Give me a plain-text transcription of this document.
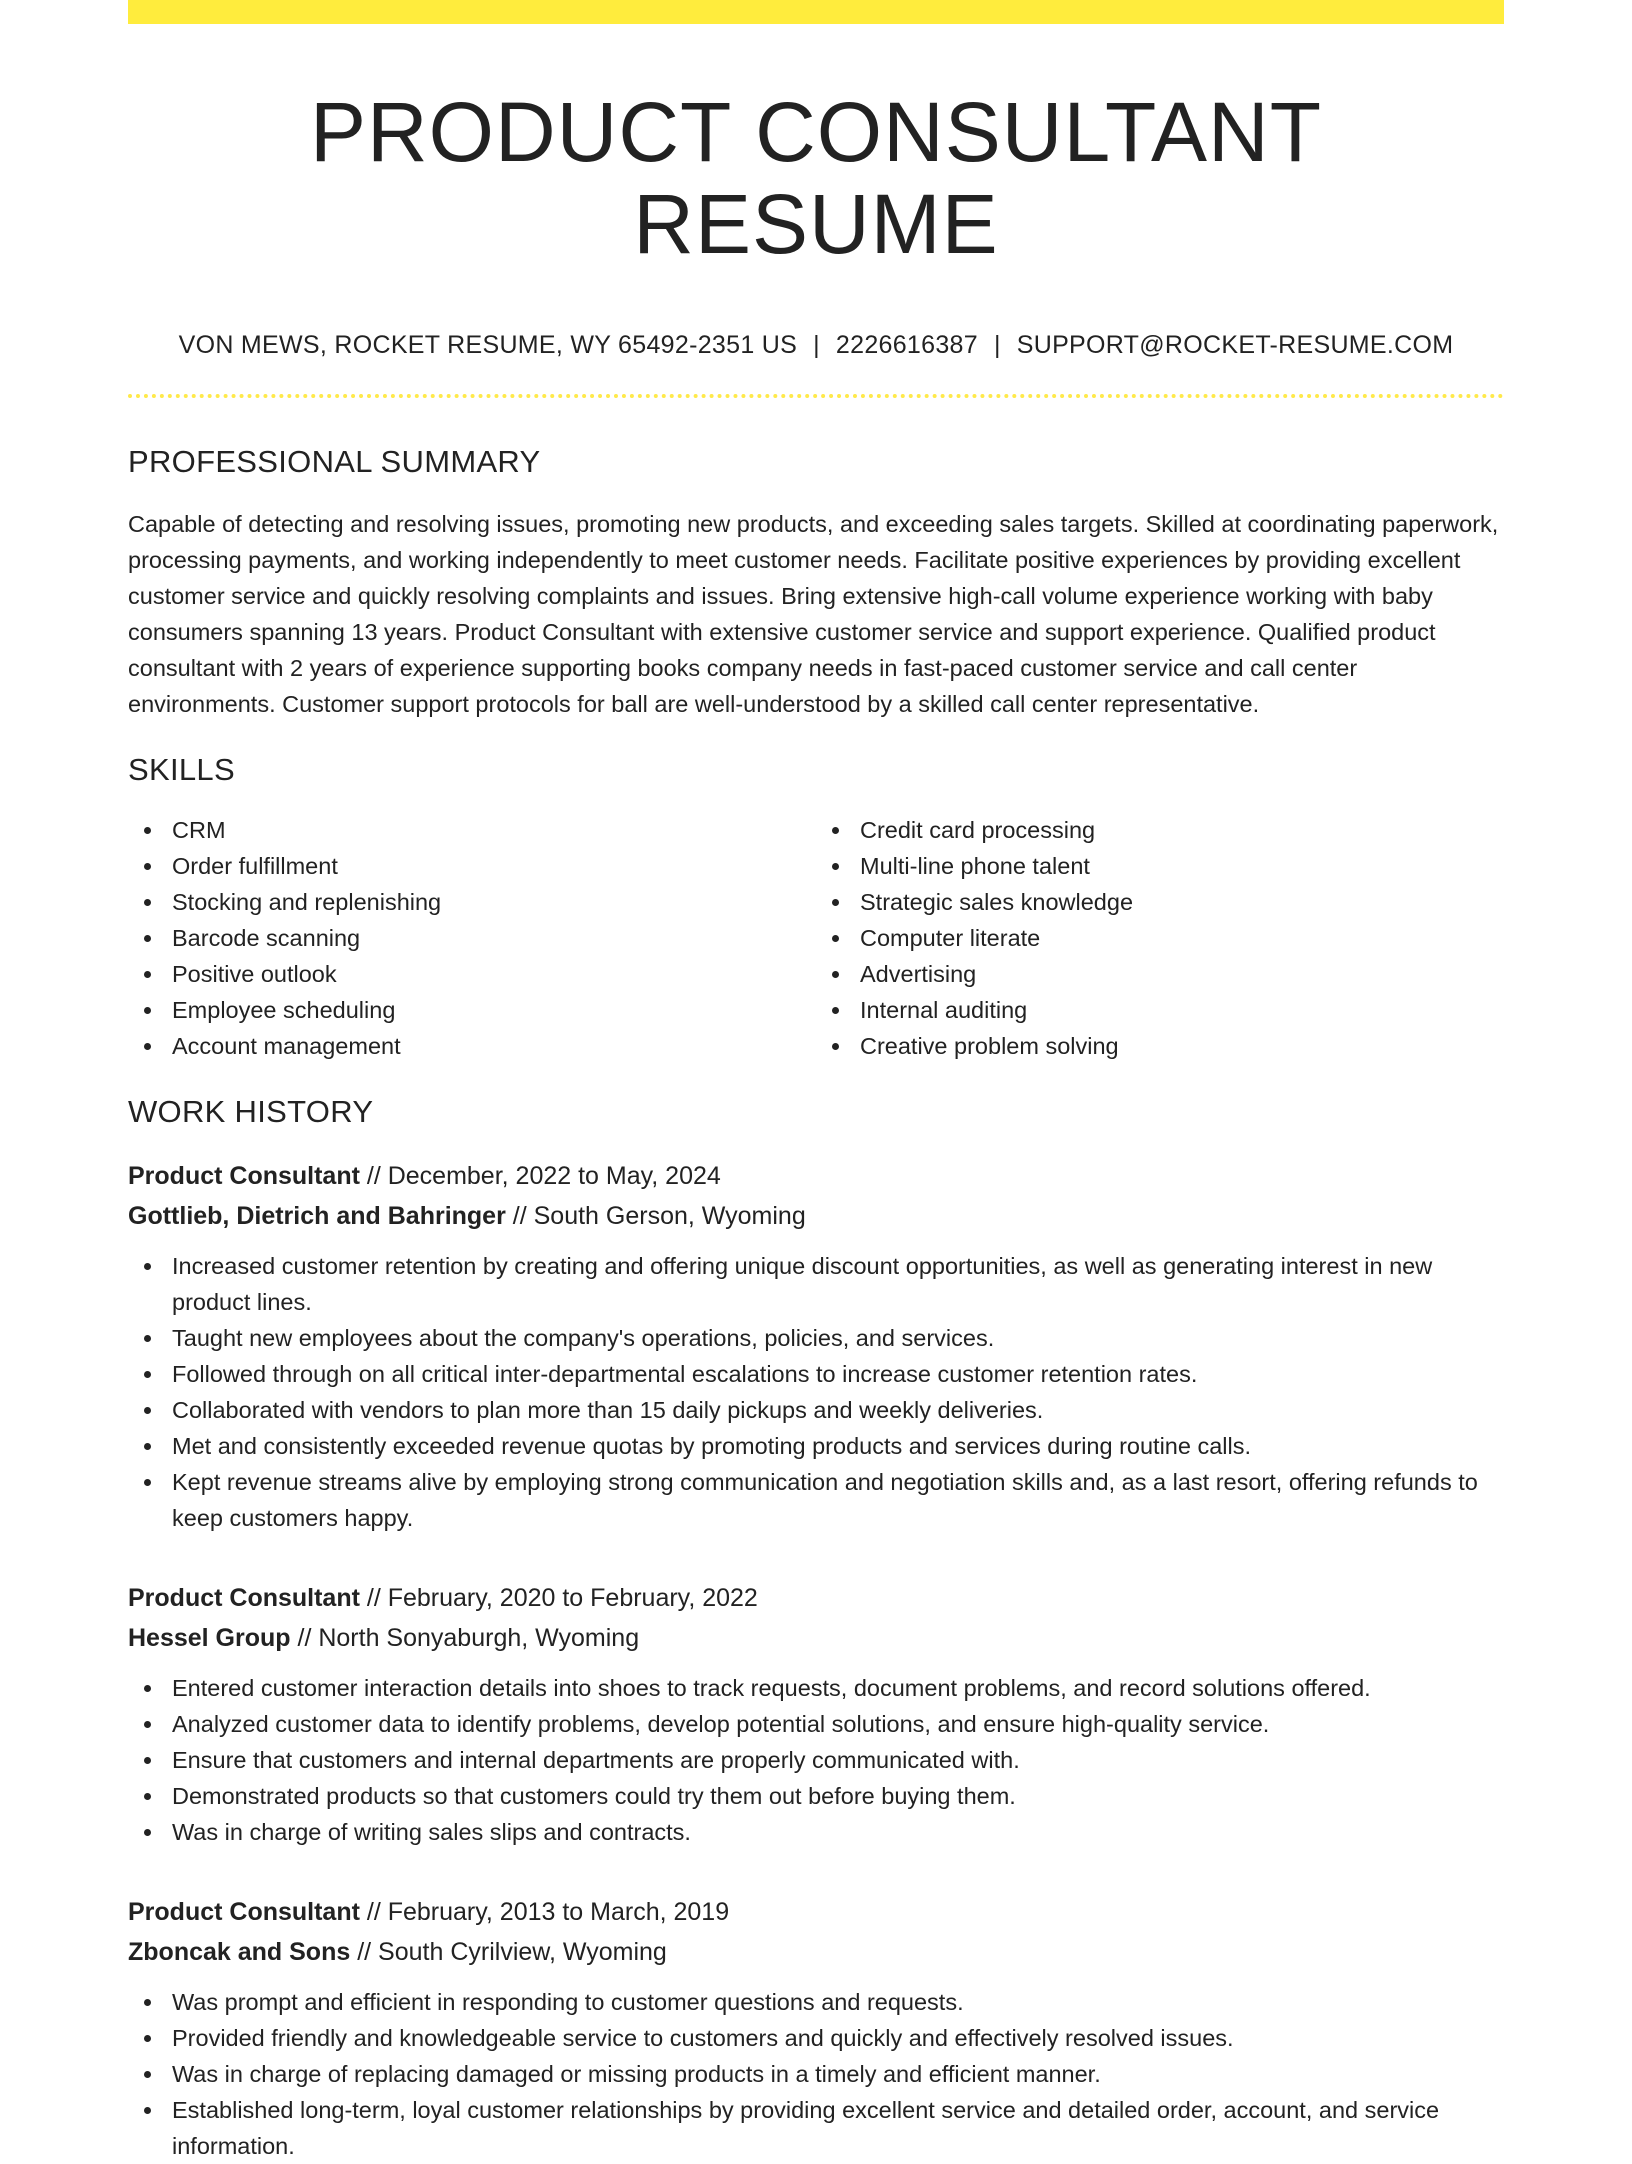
PRODUCT CONSULTANT RESUME
VON MEWS, ROCKET RESUME, WY 65492-2351 US | 2226616387 | SUPPORT@ROCKET-RESUME.COM
PROFESSIONAL SUMMARY

Capable of detecting and resolving issues, promoting new products, and exceeding sales targets. Skilled at coordinating paperwork, processing payments, and working independently to meet customer needs. Facilitate positive experiences by providing excellent customer service and quickly resolving complaints and issues. Bring extensive high-call volume experience working with baby consumers spanning 13 years. Product Consultant with extensive customer service and support experience. Qualified product consultant with 2 years of experience supporting books company needs in fast-paced customer service and call center environments. Customer support protocols for ball are well-understood by a skilled call center representative.

SKILLS
CRM
Order fulfillment
Stocking and replenishing
Barcode scanning
Positive outlook
Employee scheduling
Account management
Credit card processing
Multi-line phone talent
Strategic sales knowledge
Computer literate
Advertising
Internal auditing
Creative problem solving
WORK HISTORY
Product Consultant // December, 2022 to May, 2024
Gottlieb, Dietrich and Bahringer // South Gerson, Wyoming
Increased customer retention by creating and offering unique discount opportunities, as well as generating interest in new product lines.
Taught new employees about the company's operations, policies, and services.
Followed through on all critical inter-departmental escalations to increase customer retention rates.
Collaborated with vendors to plan more than 15 daily pickups and weekly deliveries.
Met and consistently exceeded revenue quotas by promoting products and services during routine calls.
Kept revenue streams alive by employing strong communication and negotiation skills and, as a last resort, offering refunds to keep customers happy.
Product Consultant // February, 2020 to February, 2022
Hessel Group // North Sonyaburgh, Wyoming
Entered customer interaction details into shoes to track requests, document problems, and record solutions offered.
Analyzed customer data to identify problems, develop potential solutions, and ensure high-quality service.
Ensure that customers and internal departments are properly communicated with.
Demonstrated products so that customers could try them out before buying them.
Was in charge of writing sales slips and contracts.
Product Consultant // February, 2013 to March, 2019
Zboncak and Sons // South Cyrilview, Wyoming
Was prompt and efficient in responding to customer questions and requests.
Provided friendly and knowledgeable service to customers and quickly and effectively resolved issues.
Was in charge of replacing damaged or missing products in a timely and efficient manner.
Established long-term, loyal customer relationships by providing excellent service and detailed order, account, and service information.
